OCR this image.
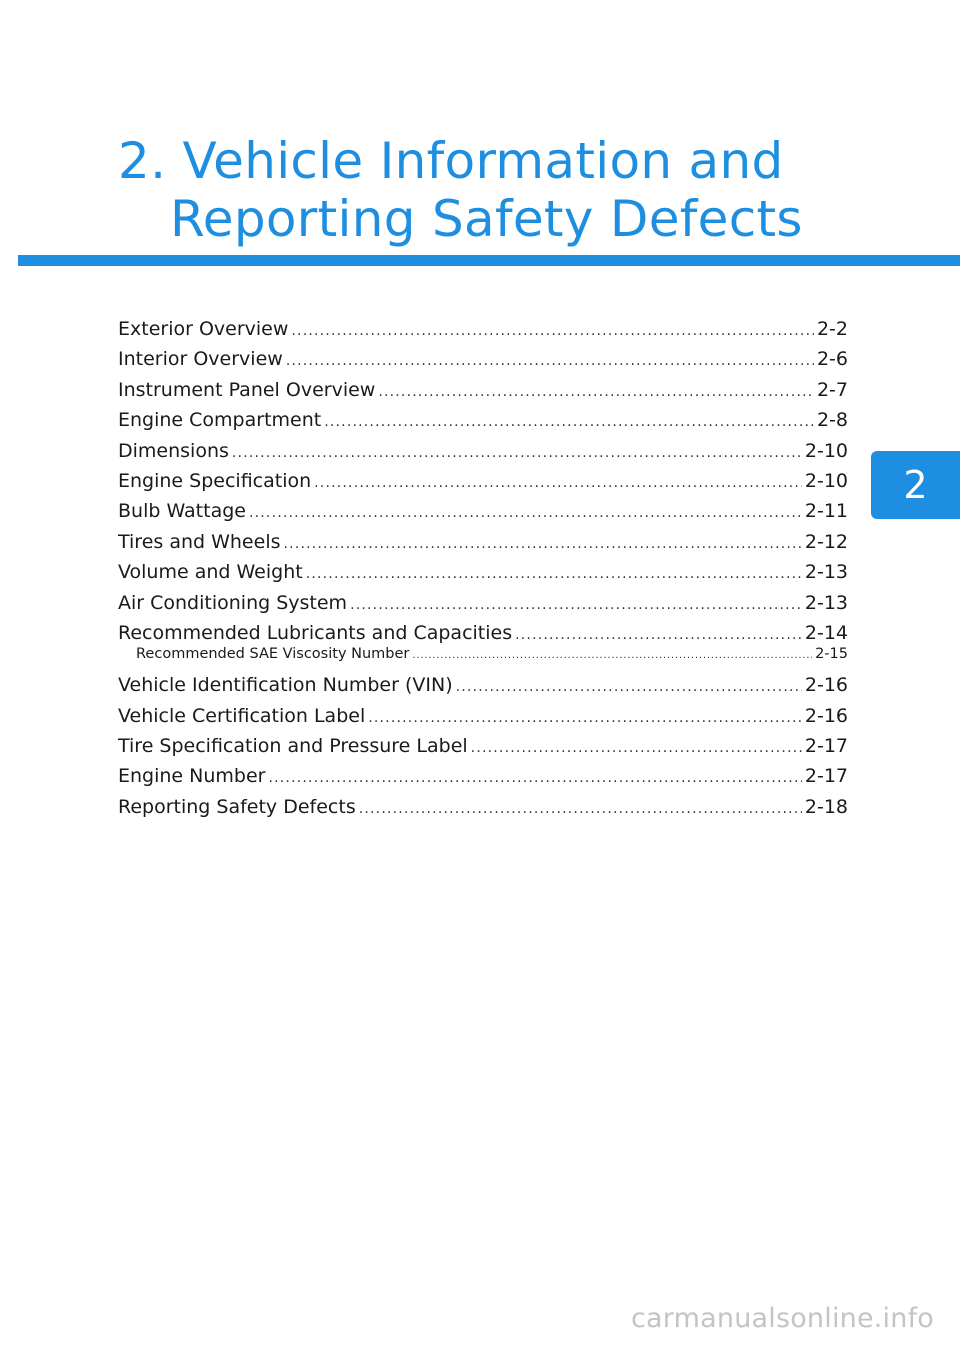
2. Vehicle Information and
Reporting Safety Defects
Exterior Overview .....	2-2
Interior Overview .....	2-6
Instrument Panel Overview .....	2-7
Engine Compartment .....	2-8
Dimensions .....	2-10
Engine Specification .....	2-10
Bulb Wattage .....	2-11
Tires and Wheels .....	2-12
Volume and Weight .....	2-13
Air Conditioning System .....	2-13
Recommended Lubricants and Capacities .....	2-14
Recommended SAE Viscosity Number .....	2-15
Vehicle Identification Number (VIN) .....	2-16
Vehicle Certification Label .....	2-16
Tire Specification and Pressure Label .....	2-17
Engine Number .....	2-17
Reporting Safety Defects .....	2-18
2
carmanualsonline.info
